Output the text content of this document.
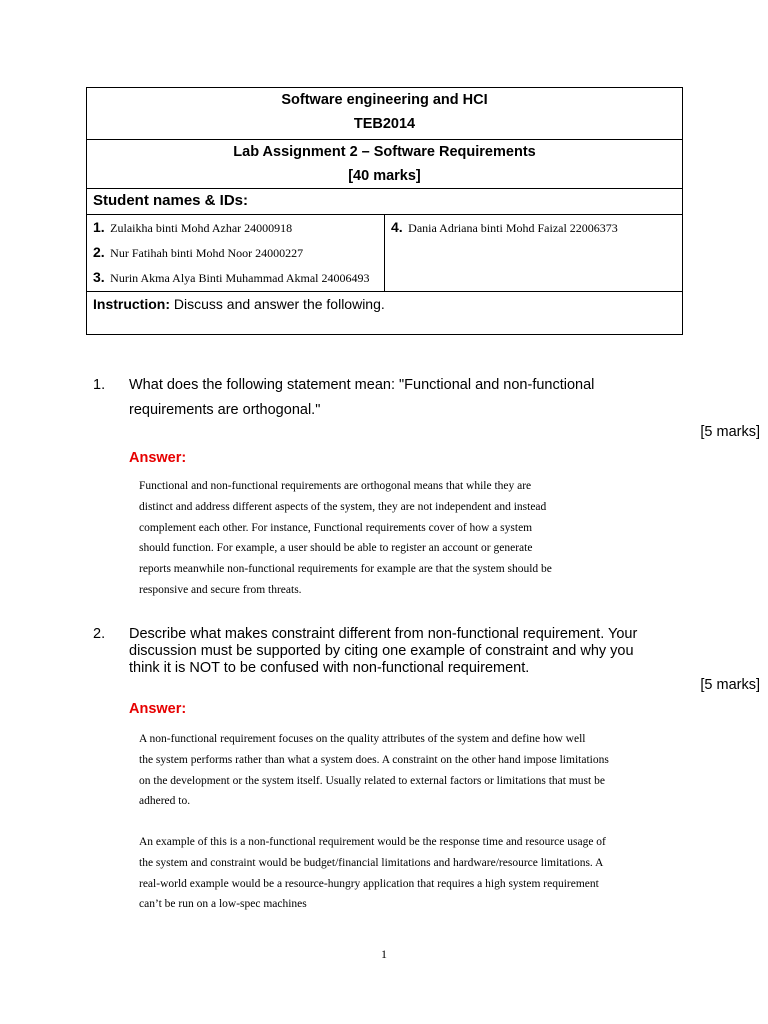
Software engineering and HCI
TEB2014

Lab Assignment 2 – Software Requirements
[40 marks]

Student names & IDs:

1. Zulaikha binti Mohd Azhar 24000918
2. Nur Fatihah binti Mohd Noor 24000227
3. Nurin Akma Alya Binti Muhammad Akmal 24006493

4. Dania Adriana binti Mohd Faizal 22006373

Instruction: Discuss and answer the following.
1. What does the following statement mean: "Functional and non-functional
requirements are orthogonal."
[5 marks]
Answer:

Functional and non-functional requirements are orthogonal means that while they are

distinct and address different aspects of the system, they are not independent and instead

complement each other. For instance, Functional requirements cover of how a system

should function. For example, a user should be able to register an account or generate

reports meanwhile non-functional requirements for example are that the system should be

responsive and secure from threats.

2. Describe what makes constraint different from non-functional requirement. Your
discussion must be supported by citing one example of constraint and why you
think it is NOT to be confused with non-functional requirement.
[5 marks]
Answer:

A non-functional requirement focuses on the quality attributes of the system and define how well

the system performs rather than what a system does. A constraint on the other hand impose limitations

on the development or the system itself. Usually related to external factors or limitations that must be

adhered to.

An example of this is a non-functional requirement would be the response time and resource usage of

the system and constraint would be budget/financial limitations and hardware/resource limitations. A

real-world example would be a resource-hungry application that requires a high system requirement

can’t be run on a low-spec machines

1
